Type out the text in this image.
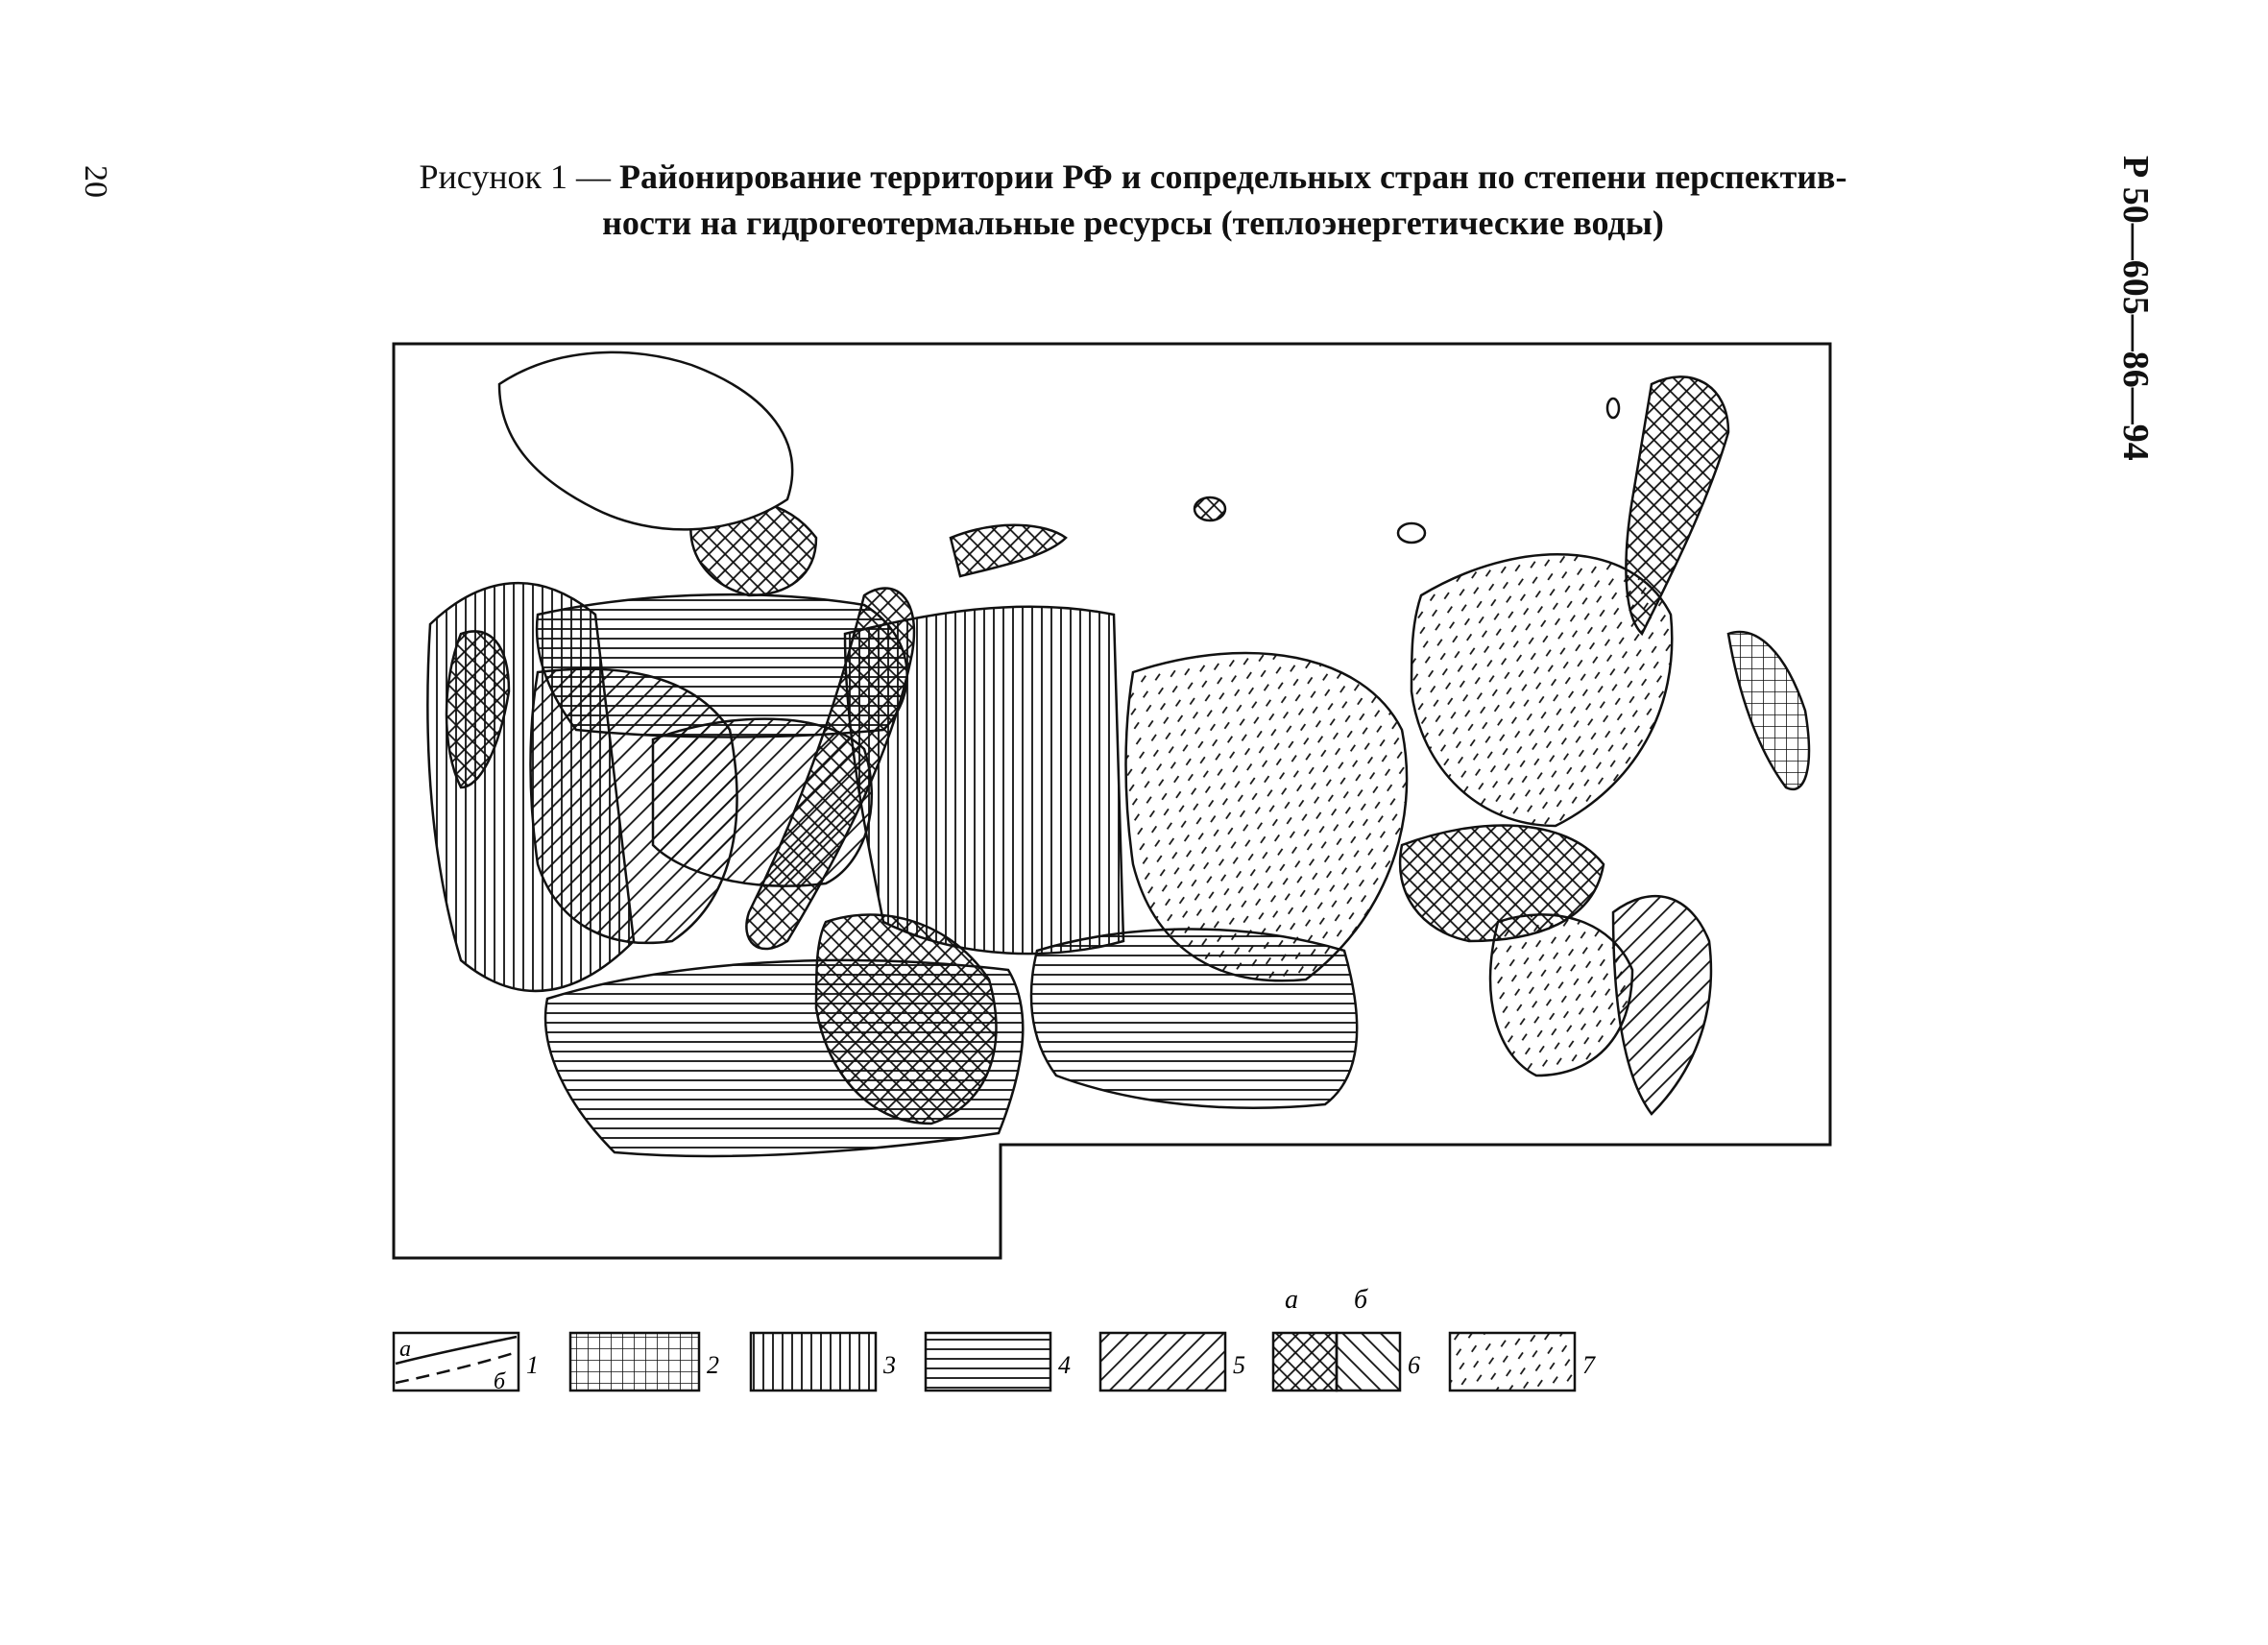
20	Р 50—605—86—94
Рисунок 1 — Районирование территории РФ и сопредельных стран по степени перспектив-
ности на гидрогеотермальные ресурсы (теплоэнергетические воды)
а б
а
б
1	2	3	4	5	6	7
